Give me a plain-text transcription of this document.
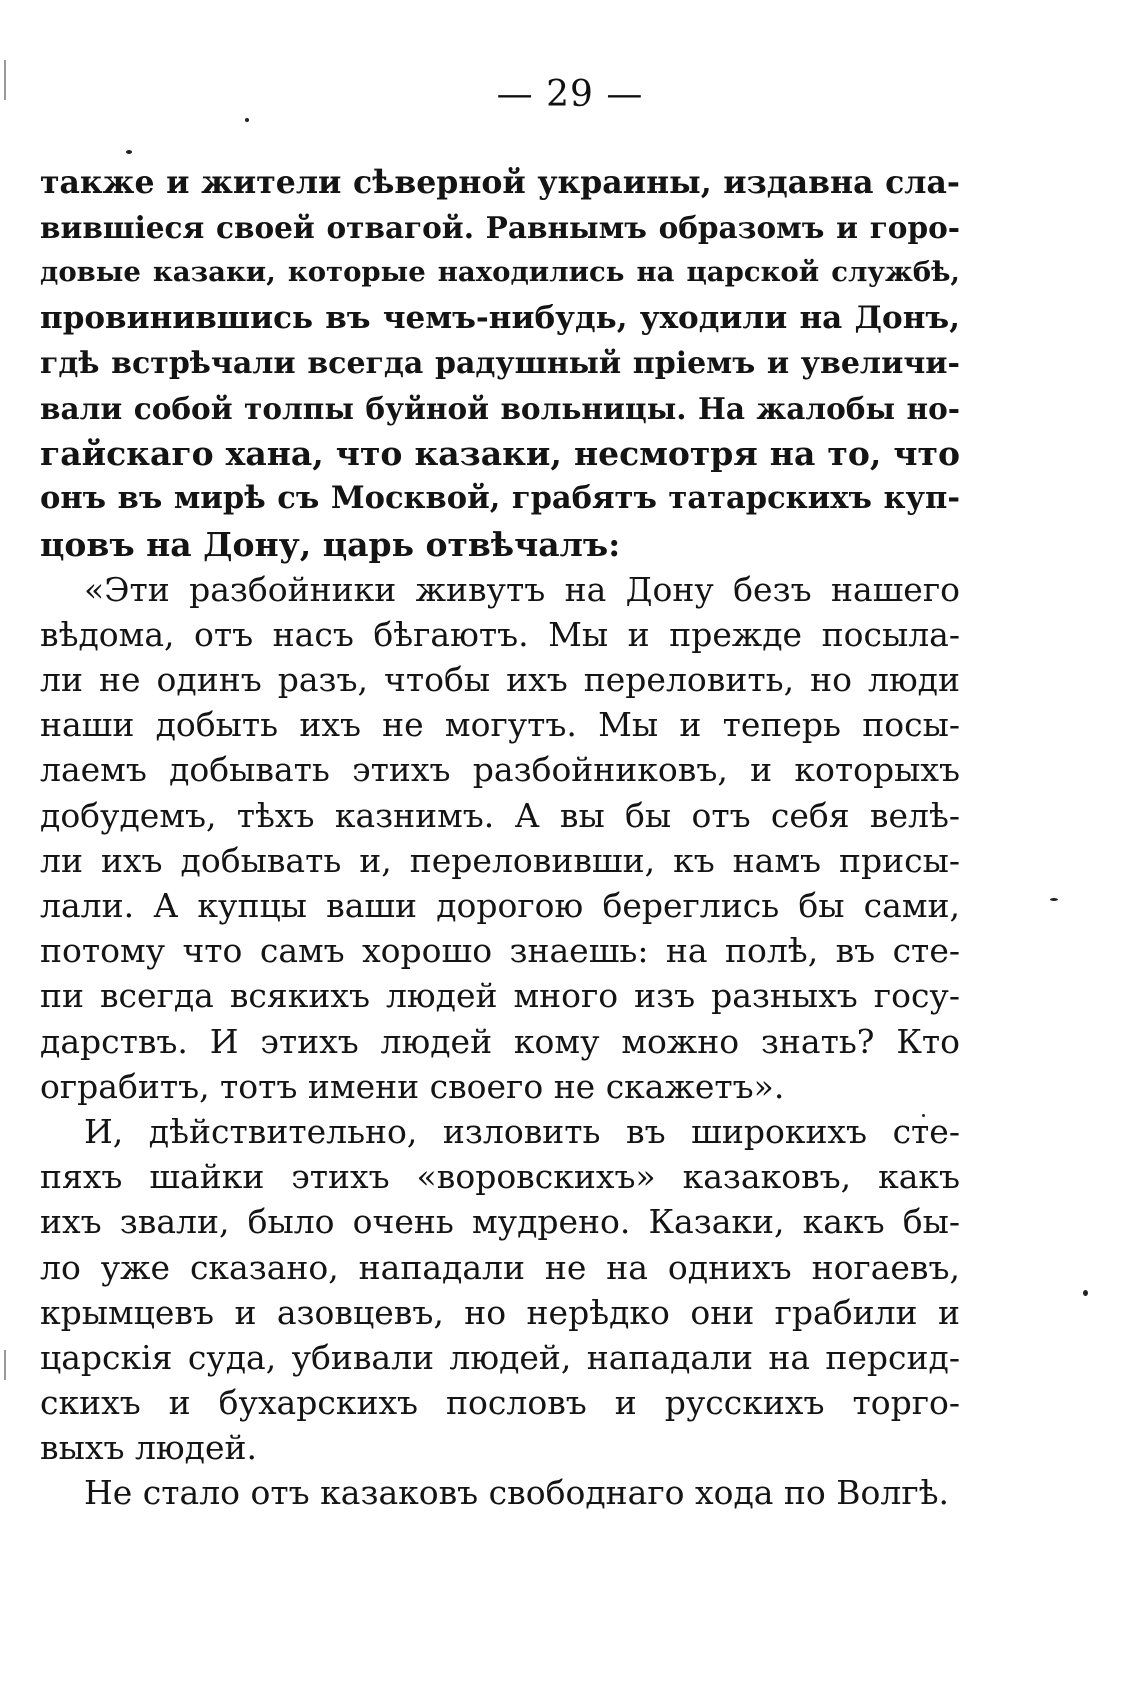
— 29 —
также и жители сѣверной украины, издавна сла-
вившіеся своей отвагой. Равнымъ образомъ и горо-
довые казаки, которые находились на царской службѣ,
провинившись въ чемъ-нибудь, уходили на Донъ,
гдѣ встрѣчали всегда радушный пріемъ и увеличи-
вали собой толпы буйной вольницы. На жалобы но-
гайскаго хана, что казаки, несмотря на то, что
онъ въ мирѣ съ Москвой, грабятъ татарскихъ куп-
цовъ на Дону, царь отвѣчалъ:
«Эти разбойники живутъ на Дону безъ нашего
вѣдома, отъ насъ бѣгаютъ. Мы и прежде посыла-
ли не одинъ разъ, чтобы ихъ переловить, но люди
наши добыть ихъ не могутъ. Мы и теперь посы-
лаемъ добывать этихъ разбойниковъ, и которыхъ
добудемъ, тѣхъ казнимъ. А вы бы отъ себя велѣ-
ли ихъ добывать и, переловивши, къ намъ присы-
лали. А купцы ваши дорогою береглись бы сами,
потому что самъ хорошо знаешь: на полѣ, въ сте-
пи всегда всякихъ людей много изъ разныхъ госу-
дарствъ. И этихъ людей кому можно знать? Кто
ограбитъ, тотъ имени своего не скажетъ».
И, дѣйствительно, изловить въ широкихъ сте-
пяхъ шайки этихъ «воровскихъ» казаковъ, какъ
ихъ звали, было очень мудрено. Казаки, какъ бы-
ло уже сказано, нападали не на однихъ ногаевъ,
крымцевъ и азовцевъ, но нерѣдко они грабили и
царскія суда, убивали людей, нападали на персид-
скихъ и бухарскихъ пословъ и русскихъ торго-
выхъ людей.
Не стало отъ казаковъ свободнаго хода по Волгѣ.
